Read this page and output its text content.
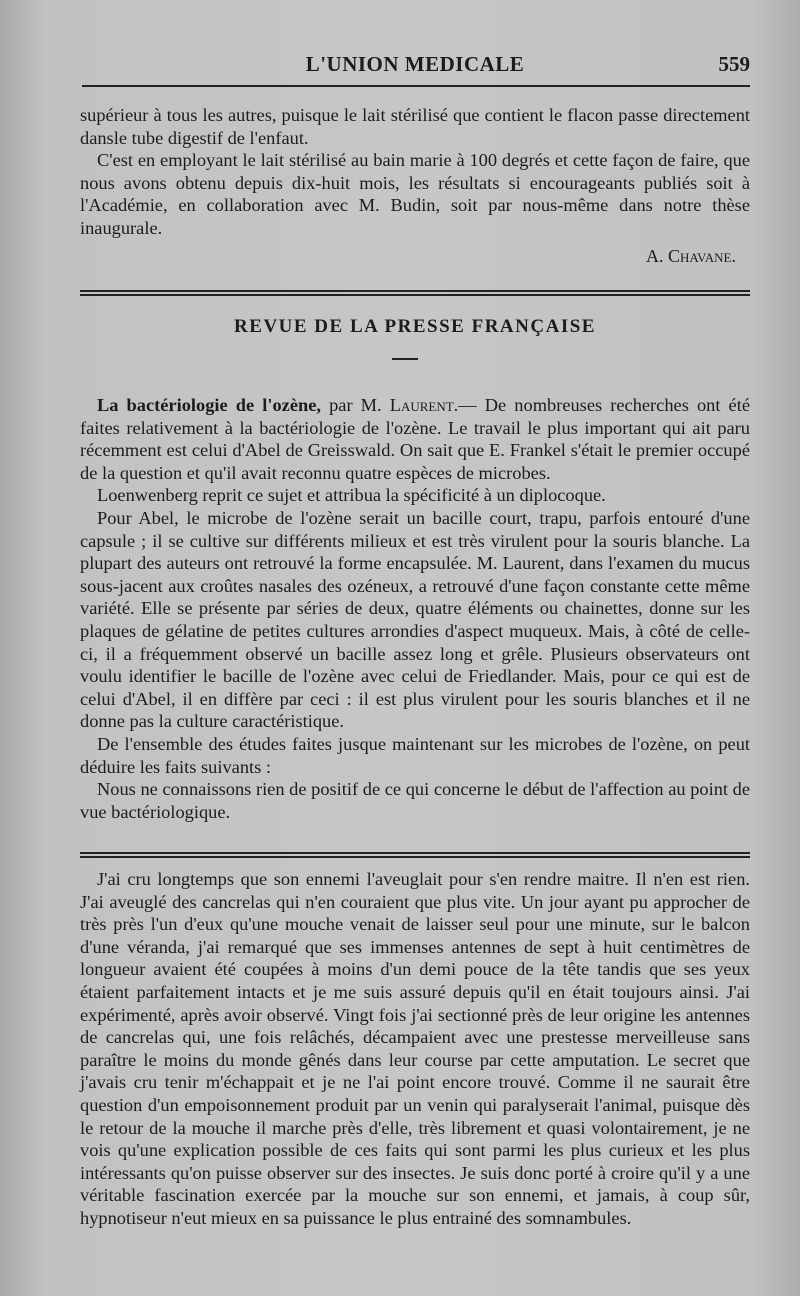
L'UNION MEDICALE	559

supérieur à tous les autres, puisque le lait stérilisé que contient le flacon passe directement dansle tube digestif de l'enfaut.

C'est en employant le lait stérilisé au bain marie à 100 degrés et cette façon de faire, que nous avons obtenu depuis dix-huit mois, les résultats si encourageants publiés soit à l'Académie, en collaboration avec M. Budin, soit par nous-même dans notre thèse inaugurale.

A. Chavane.
REVUE DE LA PRESSE FRANÇAISE

La bactériologie de l'ozène, par M. Laurent.— De nombreuses recherches ont été faites relativement à la bactériologie de l'ozène. Le travail le plus important qui ait paru récemment est celui d'Abel de Greisswald. On sait que E. Frankel s'était le premier occupé de la question et qu'il avait reconnu quatre espèces de microbes.

Loenwenberg reprit ce sujet et attribua la spécificité à un diplocoque.

Pour Abel, le microbe de l'ozène serait un bacille court, trapu, parfois entouré d'une capsule ; il se cultive sur différents milieux et est très virulent pour la souris blanche. La plupart des auteurs ont retrouvé la forme encapsulée. M. Laurent, dans l'examen du mucus sous-jacent aux croûtes nasales des ozéneux, a retrouvé d'une façon constante cette même variété. Elle se présente par séries de deux, quatre éléments ou chainettes, donne sur les plaques de gélatine de petites cultures arrondies d'aspect muqueux. Mais, à côté de celle-ci, il a fréquemment observé un bacille assez long et grêle. Plusieurs observateurs ont voulu identifier le bacille de l'ozène avec celui de Friedlander. Mais, pour ce qui est de celui d'Abel, il en diffère par ceci : il est plus virulent pour les souris blanches et il ne donne pas la culture caractéristique.

De l'ensemble des études faites jusque maintenant sur les microbes de l'ozène, on peut déduire les faits suivants :

Nous ne connaissons rien de positif de ce qui concerne le début de l'affection au point de vue bactériologique.

J'ai cru longtemps que son ennemi l'aveuglait pour s'en rendre maitre. Il n'en est rien. J'ai aveuglé des cancrelas qui n'en couraient que plus vite. Un jour ayant pu approcher de très près l'un d'eux qu'une mouche venait de laisser seul pour une minute, sur le balcon d'une véranda, j'ai remarqué que ses immenses antennes de sept à huit centimètres de longueur avaient été coupées à moins d'un demi pouce de la tête tandis que ses yeux étaient parfaitement intacts et je me suis assuré depuis qu'il en était toujours ainsi. J'ai expérimenté, après avoir observé. Vingt fois j'ai sectionné près de leur origine les antennes de cancrelas qui, une fois relâchés, décampaient avec une prestesse merveilleuse sans paraître le moins du monde gênés dans leur course par cette amputation. Le secret que j'avais cru tenir m'échappait et je ne l'ai point encore trouvé. Comme il ne saurait être question d'un empoisonnement produit par un venin qui paralyserait l'animal, puisque dès le retour de la mouche il marche près d'elle, très librement et quasi volontairement, je ne vois qu'une explication possible de ces faits qui sont parmi les plus curieux et les plus intéressants qu'on puisse observer sur des insectes. Je suis donc porté à croire qu'il y a une véritable fascination exercée par la mouche sur son ennemi, et jamais, à coup sûr, hypnotiseur n'eut mieux en sa puissance le plus entrainé des somnambules.
